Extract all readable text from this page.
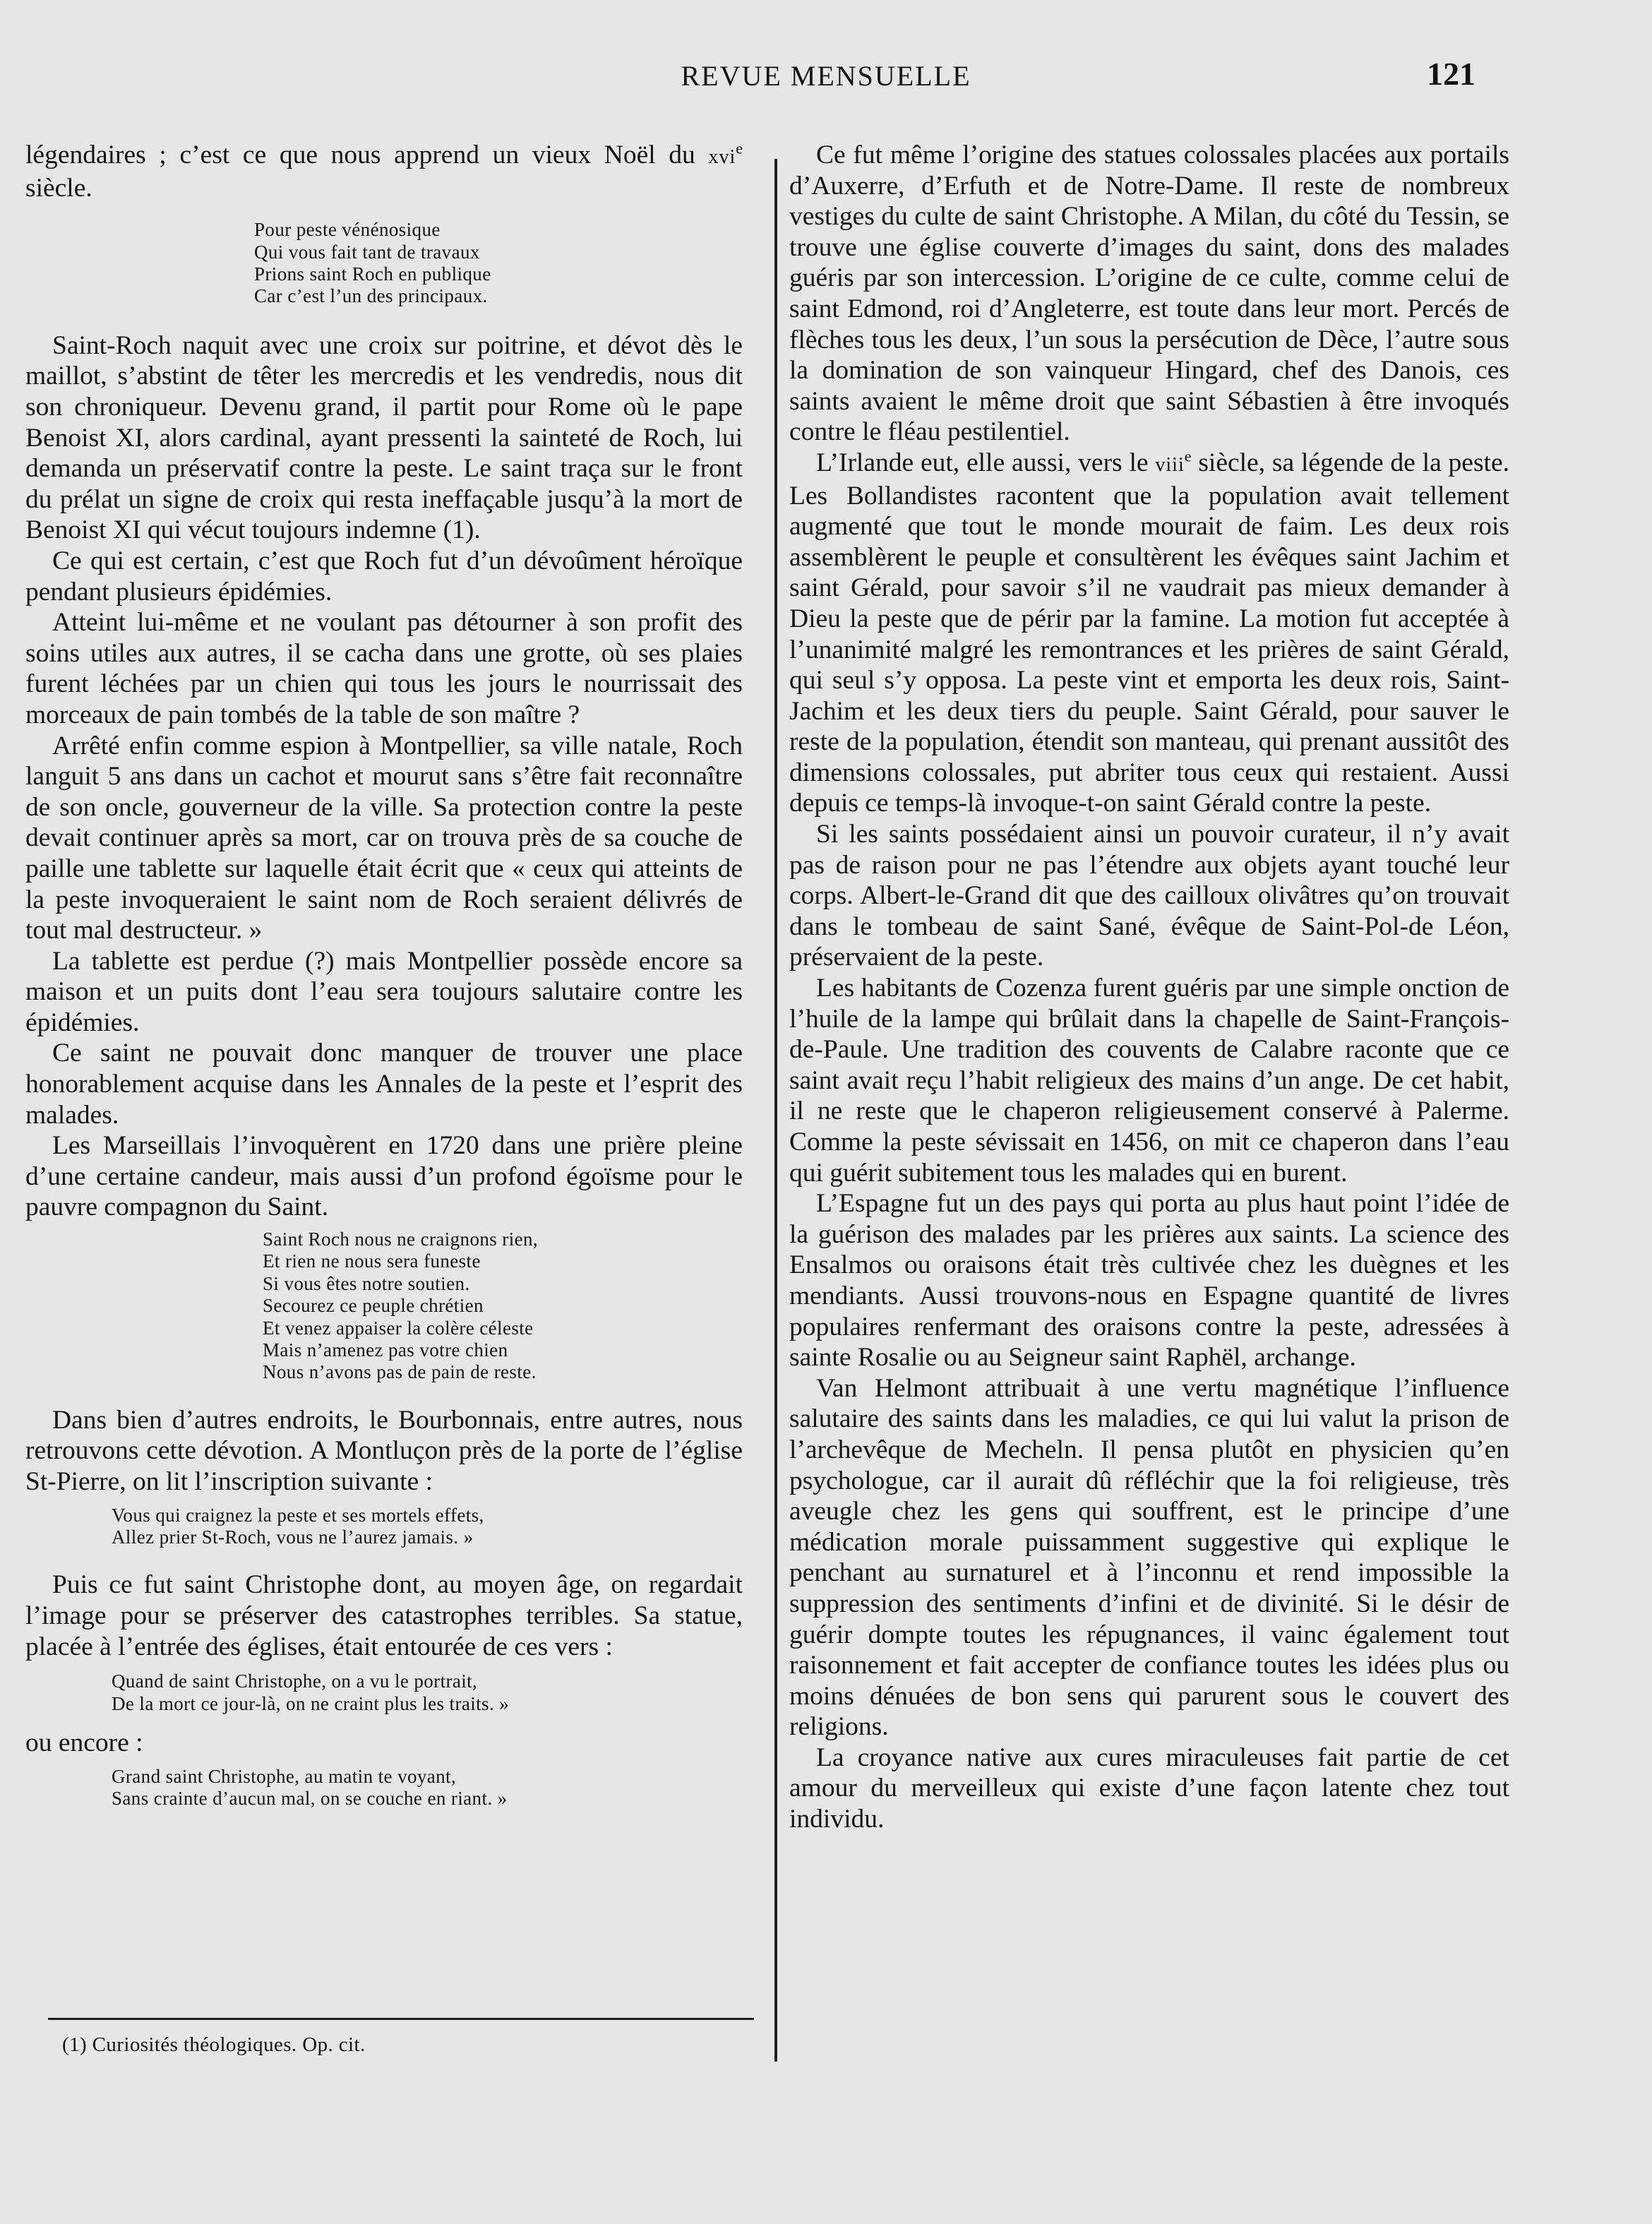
REVUE MENSUELLE	121

légendaires ; c’est ce que nous apprend un vieux Noël du xvi$^e$ siècle.

Pour peste vénénosique
Qui vous fait tant de travaux
Prions saint Roch en publique
Car c’est l’un des principaux.

Saint-Roch naquit avec une croix sur poitrine, et dévot dès le maillot, s’abstint de têter les mercredis et les vendredis, nous dit son chroniqueur. Devenu grand, il partit pour Rome où le pape Benoist XI, alors cardinal, ayant pressenti la sainteté de Roch, lui demanda un préservatif contre la peste. Le saint traça sur le front du prélat un signe de croix qui resta ineffaçable jusqu’à la mort de Benoist XI qui vécut toujours indemne (1).

Ce qui est certain, c’est que Roch fut d’un dévoûment héroïque pendant plusieurs épidémies.

Atteint lui-même et ne voulant pas détourner à son profit des soins utiles aux autres, il se cacha dans une grotte, où ses plaies furent léchées par un chien qui tous les jours le nourrissait des morceaux de pain tombés de la table de son maître ?

Arrêté enfin comme espion à Montpellier, sa ville natale, Roch languit 5 ans dans un cachot et mourut sans s’être fait reconnaître de son oncle, gouverneur de la ville. Sa protection contre la peste devait continuer après sa mort, car on trouva près de sa couche de paille une tablette sur laquelle était écrit que « ceux qui atteints de la peste invoqueraient le saint nom de Roch seraient délivrés de tout mal destructeur. »

La tablette est perdue (?) mais Montpellier possède encore sa maison et un puits dont l’eau sera toujours salutaire contre les épidémies.

Ce saint ne pouvait donc manquer de trouver une place honorablement acquise dans les Annales de la peste et l’esprit des malades.

Les Marseillais l’invoquèrent en 1720 dans une prière pleine d’une certaine candeur, mais aussi d’un profond égoïsme pour le pauvre compagnon du Saint.

Saint Roch nous ne craignons rien,
Et rien ne nous sera funeste
Si vous êtes notre soutien.
Secourez ce peuple chrétien
Et venez appaiser la colère céleste
Mais n’amenez pas votre chien
Nous n’avons pas de pain de reste.

Dans bien d’autres endroits, le Bourbonnais, entre autres, nous retrouvons cette dévotion. A Montluçon près de la porte de l’église St-Pierre, on lit l’inscription suivante :

Vous qui craignez la peste et ses mortels effets,
Allez prier St-Roch, vous ne l’aurez jamais. »

Puis ce fut saint Christophe dont, au moyen âge, on regardait l’image pour se préserver des catastrophes terribles. Sa statue, placée à l’entrée des églises, était entourée de ces vers :

Quand de saint Christophe, on a vu le portrait,
De la mort ce jour-là, on ne craint plus les traits. »

ou encore :

Grand saint Christophe, au matin te voyant,
Sans crainte d’aucun mal, on se couche en riant. »

Ce fut même l’origine des statues colossales placées aux portails d’Auxerre, d’Erfuth et de Notre-Dame. Il reste de nombreux vestiges du culte de saint Christophe. A Milan, du côté du Tessin, se trouve une église couverte d’images du saint, dons des malades guéris par son intercession. L’origine de ce culte, comme celui de saint Edmond, roi d’Angleterre, est toute dans leur mort. Percés de flèches tous les deux, l’un sous la persécution de Dèce, l’autre sous la domination de son vainqueur Hingard, chef des Danois, ces saints avaient le même droit que saint Sébastien à être invoqués contre le fléau pestilentiel.

L’Irlande eut, elle aussi, vers le viii$^e$ siècle, sa légende de la peste. Les Bollandistes racontent que la population avait tellement augmenté que tout le monde mourait de faim. Les deux rois assemblèrent le peuple et consultèrent les évêques saint Jachim et saint Gérald, pour savoir s’il ne vaudrait pas mieux demander à Dieu la peste que de périr par la famine. La motion fut acceptée à l’unanimité malgré les remontrances et les prières de saint Gérald, qui seul s’y opposa. La peste vint et emporta les deux rois, Saint-Jachim et les deux tiers du peuple. Saint Gérald, pour sauver le reste de la population, étendit son manteau, qui prenant aussitôt des dimensions colossales, put abriter tous ceux qui restaient. Aussi depuis ce temps-là invoque-t-on saint Gérald contre la peste.

Si les saints possédaient ainsi un pouvoir curateur, il n’y avait pas de raison pour ne pas l’étendre aux objets ayant touché leur corps. Albert-le-Grand dit que des cailloux olivâtres qu’on trouvait dans le tombeau de saint Sané, évêque de Saint-Pol-de Léon, préservaient de la peste.

Les habitants de Cozenza furent guéris par une simple onction de l’huile de la lampe qui brûlait dans la chapelle de Saint-François-de-Paule. Une tradition des couvents de Calabre raconte que ce saint avait reçu l’habit religieux des mains d’un ange. De cet habit, il ne reste que le chaperon religieusement conservé à Palerme. Comme la peste sévissait en 1456, on mit ce chaperon dans l’eau qui guérit subitement tous les malades qui en burent.

L’Espagne fut un des pays qui porta au plus haut point l’idée de la guérison des malades par les prières aux saints. La science des Ensalmos ou oraisons était très cultivée chez les duègnes et les mendiants. Aussi trouvons-nous en Espagne quantité de livres populaires renfermant des oraisons contre la peste, adressées à sainte Rosalie ou au Seigneur saint Raphël, archange.

Van Helmont attribuait à une vertu magnétique l’influence salutaire des saints dans les maladies, ce qui lui valut la prison de l’archevêque de Mecheln. Il pensa plutôt en physicien qu’en psychologue, car il aurait dû réfléchir que la foi religieuse, très aveugle chez les gens qui souffrent, est le principe d’une médication morale puissamment suggestive qui explique le penchant au surnaturel et à l’inconnu et rend impossible la suppression des sentiments d’infini et de divinité. Si le désir de guérir dompte toutes les répugnances, il vainc également tout raisonnement et fait accepter de confiance toutes les idées plus ou moins dénuées de bon sens qui parurent sous le couvert des religions.

La croyance native aux cures miraculeuses fait partie de cet amour du merveilleux qui existe d’une façon latente chez tout individu.

(1) Curiosités théologiques. Op. cit.
